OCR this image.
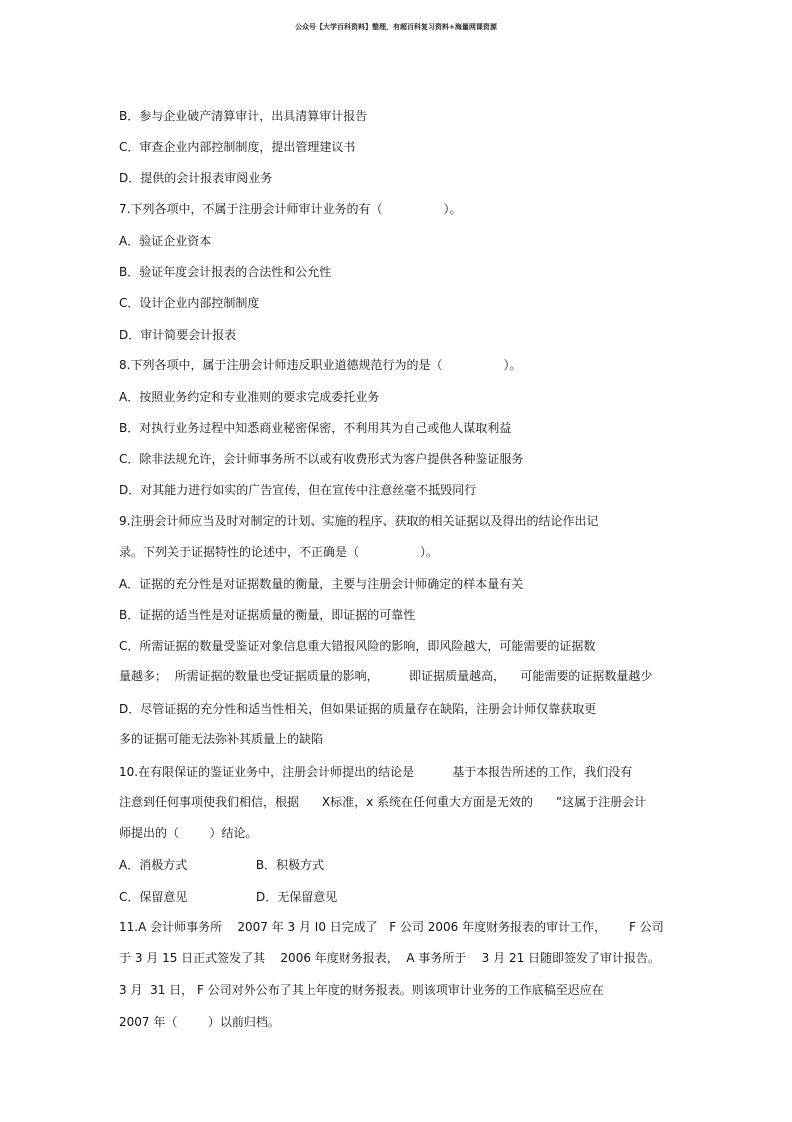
公众号【大学百科资料】整理，有超百科复习资料+海量网课资源
B．参与企业破产清算审计，出具清算审计报告
C．审查企业内部控制制度，提出管理建议书
D．提供的会计报表审阅业务
7.下列各项中，不属于注册会计师审计业务的有（                ）。
A．验证企业资本
B．验证年度会计报表的合法性和公允性
C．设计企业内部控制制度
D．审计简要会计报表
8.下列各项中，属于注册会计师违反职业道德规范行为的是（                ）。
A．按照业务约定和专业准则的要求完成委托业务
B．对执行业务过程中知悉商业秘密保密，不利用其为自己或他人谋取利益
C．除非法规允许，会计师事务所不以或有收费形式为客户提供各种鉴证服务
D．对其能力进行如实的广告宣传，但在宣传中注意丝毫不抵毁同行
9.注册会计师应当及时对制定的计划、实施的程序、获取的相关证据以及得出的结论作出记
录。下列关于证据特性的论述中，不正确是（                ）。
A．证据的充分性是对证据数量的衡量，主要与注册会计师确定的样本量有关
B．证据的适当性是对证据质量的衡量，即证据的可靠性
C．所需证据的数量受鉴证对象信息重大错报风险的影响，即风险越大，可能需要的证据数
量越多；  所需证据的数量也受证据质量的影响，        即证据质量越高，    可能需要的证据数量越少
D．尽管证据的充分性和适当性相关，但如果证据的质量存在缺陷，注册会计师仅靠获取更
多的证据可能无法弥补其质量上的缺陷
10.在有限保证的鉴证业务中，注册会计师提出的结论是          基于本报告所述的工作，我们没有
注意到任何事项使我们相信，根据      X标准，x 系统在任何重大方面是无效的      ”这属于注册会计
师提出的（        ）结论。
A．消极方式                  B．积极方式
C．保留意见                  D．无保留意见
11.A 会计师事务所    2007 年 3 月 I0 日完成了   F 公司 2006 年度财务报表的审计工作，      F 公司
于 3 月 15 日正式签发了其    2006 年度财务报表，  A 事务所于    3 月 21 日随即签发了审计报告。
3 月  31 日， F 公司对外公布了其上年度的财务报表。则该项审计业务的工作底稿至迟应在
2007 年（        ）以前归档。
